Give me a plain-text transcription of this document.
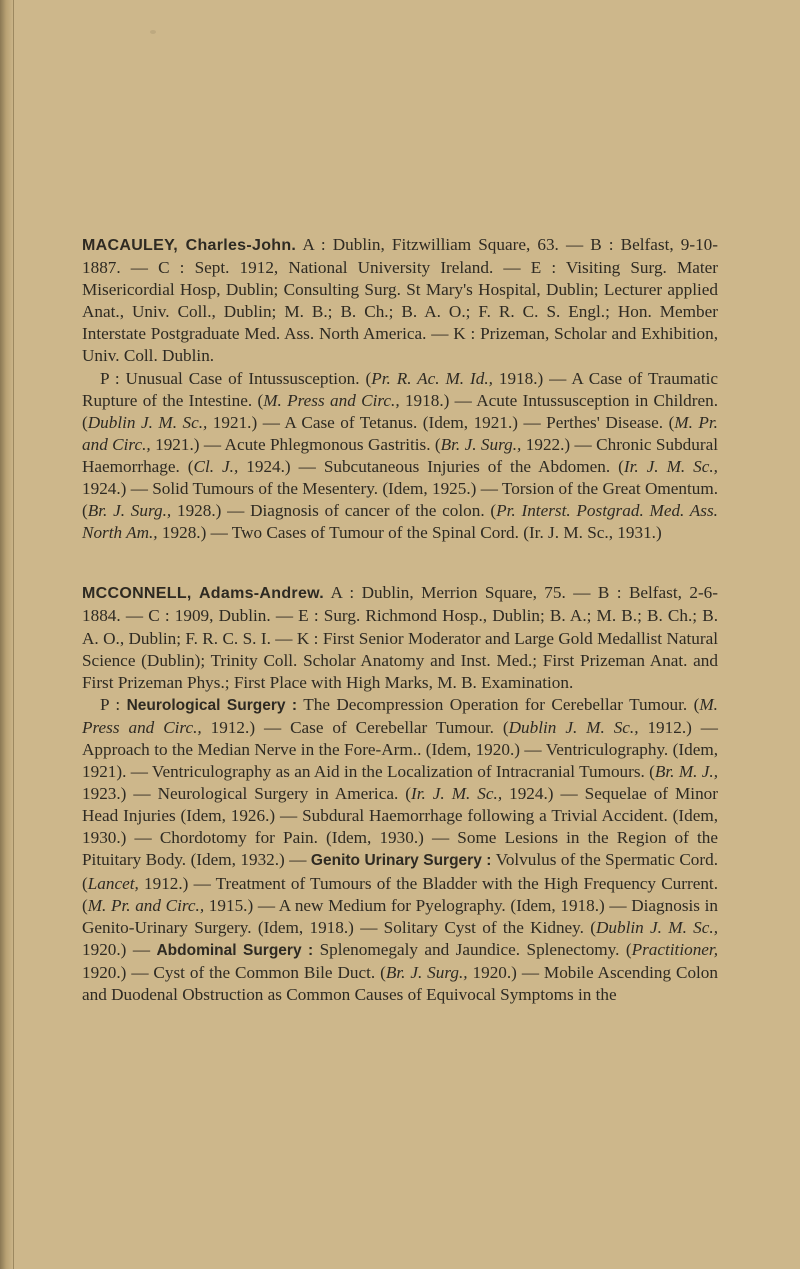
MACAULEY, Charles-John. A : Dublin, Fitzwilliam Square, 63. — B : Belfast, 9-10-1887. — C : Sept. 1912, National University Ireland. — E : Visiting Surg. Mater Misericordial Hosp, Dublin; Consulting Surg. St Mary's Hospital, Dublin; Lecturer applied Anat., Univ. Coll., Dublin; M. B.; B. Ch.; B. A. O.; F. R. C. S. Engl.; Hon. Member Interstate Postgraduate Med. Ass. North America. — K : Prizeman, Scholar and Exhibition, Univ. Coll. Dublin.

P : Unusual Case of Intussusception. (Pr. R. Ac. M. Id., 1918.) — A Case of Traumatic Rupture of the Intestine. (M. Press and Circ., 1918.) — Acute Intussusception in Children. (Dublin J. M. Sc., 1921.) — A Case of Tetanus. (Idem, 1921.) — Perthes' Disease. (M. Pr. and Circ., 1921.) — Acute Phlegmonous Gastritis. (Br. J. Surg., 1922.) — Chronic Subdural Haemorrhage. (Cl. J., 1924.) — Subcutaneous Injuries of the Abdomen. (Ir. J. M. Sc., 1924.) — Solid Tumours of the Mesentery. (Idem, 1925.) — Torsion of the Great Omentum. (Br. J. Surg., 1928.) — Diagnosis of cancer of the colon. (Pr. Interst. Postgrad. Med. Ass. North Am., 1928.) — Two Cases of Tumour of the Spinal Cord. (Ir. J. M. Sc., 1931.)

MCCONNELL, Adams-Andrew. A : Dublin, Merrion Square, 75. — B : Belfast, 2-6-1884. — C : 1909, Dublin. — E : Surg. Richmond Hosp., Dublin; B. A.; M. B.; B. Ch.; B. A. O., Dublin; F. R. C. S. I. — K : First Senior Moderator and Large Gold Medallist Natural Science (Dublin); Trinity Coll. Scholar Anatomy and Inst. Med.; First Prizeman Anat. and First Prizeman Phys.; First Place with High Marks, M. B. Examination.

P : Neurological Surgery : The Decompression Operation for Cerebellar Tumour. (M. Press and Circ., 1912.) — Case of Cerebellar Tumour. (Dublin J. M. Sc., 1912.) — Approach to the Median Nerve in the Fore-Arm.. (Idem, 1920.) — Ventriculography. (Idem, 1921). — Ventriculography as an Aid in the Localization of Intracranial Tumours. (Br. M. J., 1923.) — Neurological Surgery in America. (Ir. J. M. Sc., 1924.) — Sequelae of Minor Head Injuries (Idem, 1926.) — Subdural Haemorrhage following a Trivial Accident. (Idem, 1930.) — Chordotomy for Pain. (Idem, 1930.) — Some Lesions in the Region of the Pituitary Body. (Idem, 1932.) — Genito Urinary Surgery : Volvulus of the Spermatic Cord. (Lancet, 1912.) — Treatment of Tumours of the Bladder with the High Frequency Current. (M. Pr. and Circ., 1915.) — A new Medium for Pyelography. (Idem, 1918.) — Diagnosis in Genito-Urinary Surgery. (Idem, 1918.) — Solitary Cyst of the Kidney. (Dublin J. M. Sc., 1920.) — Abdominal Surgery : Splenomegaly and Jaundice. Splenectomy. (Practitioner, 1920.) — Cyst of the Common Bile Duct. (Br. J. Surg., 1920.) — Mobile Ascending Colon and Duodenal Obstruction as Common Causes of Equivocal Symptoms in the
